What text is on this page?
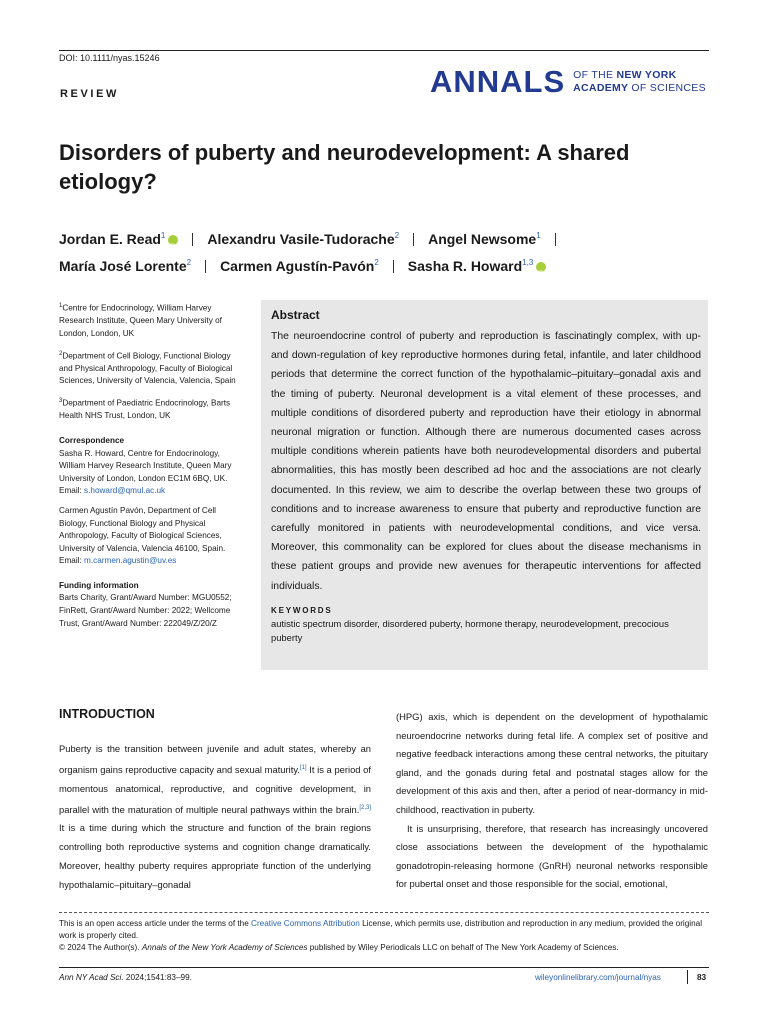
DOI: 10.1111/nyas.15246
REVIEW	ANNALS OF THE NEW YORK
ACADEMY OF SCIENCES
Disorders of puberty and neurodevelopment: A shared etiology?
Jordan E. Read$^1$iD	Alexandru Vasile-Tudorache$^2$ Angel Newsome$^1$
María José Lorente$^2$ Carmen Agustín-Pavón$^2$ Sasha R. Howard$^{1,3}$iD

$^1$Centre for Endocrinology, William Harvey Research Institute, Queen Mary University of London, London, UK

$^2$Department of Cell Biology, Functional Biology and Physical Anthropology, Faculty of Biological Sciences, University of Valencia, Valencia, Spain

$^3$Department of Paediatric Endocrinology, Barts Health NHS Trust, London, UK

Correspondence

Sasha R. Howard, Centre for Endocrinology, William Harvey Research Institute, Queen Mary University of London, London EC1M 6BQ, UK.
Email: s.howard@qmul.ac.uk

Carmen Agustín Pavón, Department of Cell Biology, Functional Biology and Physical Anthropology, Faculty of Biological Sciences, University of Valencia, Valencia 46100, Spain.
Email: m.carmen.agustin@uv.es

Funding information

Barts Charity, Grant/Award Number: MGU0552; FinRett, Grant/Award Number: 2022; Wellcome Trust, Grant/Award Number: 222049/Z/20/Z

Abstract

The neuroendocrine control of puberty and reproduction is fascinatingly complex, with up- and down-regulation of key reproductive hormones during fetal, infantile, and later childhood periods that determine the correct function of the hypothalamic–pituitary–gonadal axis and the timing of puberty. Neuronal development is a vital element of these processes, and multiple conditions of disordered puberty and reproduction have their etiology in abnormal neuronal migration or function. Although there are numerous documented cases across multiple conditions wherein patients have both neurodevelopmental disorders and pubertal abnormalities, this has mostly been described ad hoc and the associations are not clearly documented. In this review, we aim to describe the overlap between these two groups of conditions and to increase awareness to ensure that puberty and reproductive function are carefully monitored in patients with neurodevelopmental conditions, and vice versa. Moreover, this commonality can be explored for clues about the disease mechanisms in these patient groups and provide new avenues for therapeutic interventions for affected individuals.

KEYWORDS

autistic spectrum disorder, disordered puberty, hormone therapy, neurodevelopment, precocious puberty

INTRODUCTION

Puberty is the transition between juvenile and adult states, whereby an organism gains reproductive capacity and sexual maturity.[1] It is a period of momentous anatomical, reproductive, and cognitive development, in parallel with the maturation of multiple neural pathways within the brain.[2,3] It is a time during which the structure and function of the brain regions controlling both reproductive systems and cognition change dramatically. Moreover, healthy puberty requires appropriate function of the underlying hypothalamic–pituitary–gonadal

(HPG) axis, which is dependent on the development of hypothalamic neuroendocrine networks during fetal life. A complex set of positive and negative feedback interactions among these central networks, the pituitary gland, and the gonads during fetal and postnatal stages allow for the development of this axis and then, after a period of near-dormancy in mid-childhood, reactivation in puberty.

It is unsurprising, therefore, that research has increasingly uncovered close associations between the development of the hypothalamic gonadotropin-releasing hormone (GnRH) neuronal networks responsible for pubertal onset and those responsible for the social, emotional,

This is an open access article under the terms of the Creative Commons Attribution License, which permits use, distribution and reproduction in any medium, provided the original work is properly cited.

© 2024 The Author(s). Annals of the New York Academy of Sciences published by Wiley Periodicals LLC on behalf of The New York Academy of Sciences.

Ann NY Acad Sci. 2024;1541:83–99.	wileyonlinelibrary.com/journal/nyas	83
